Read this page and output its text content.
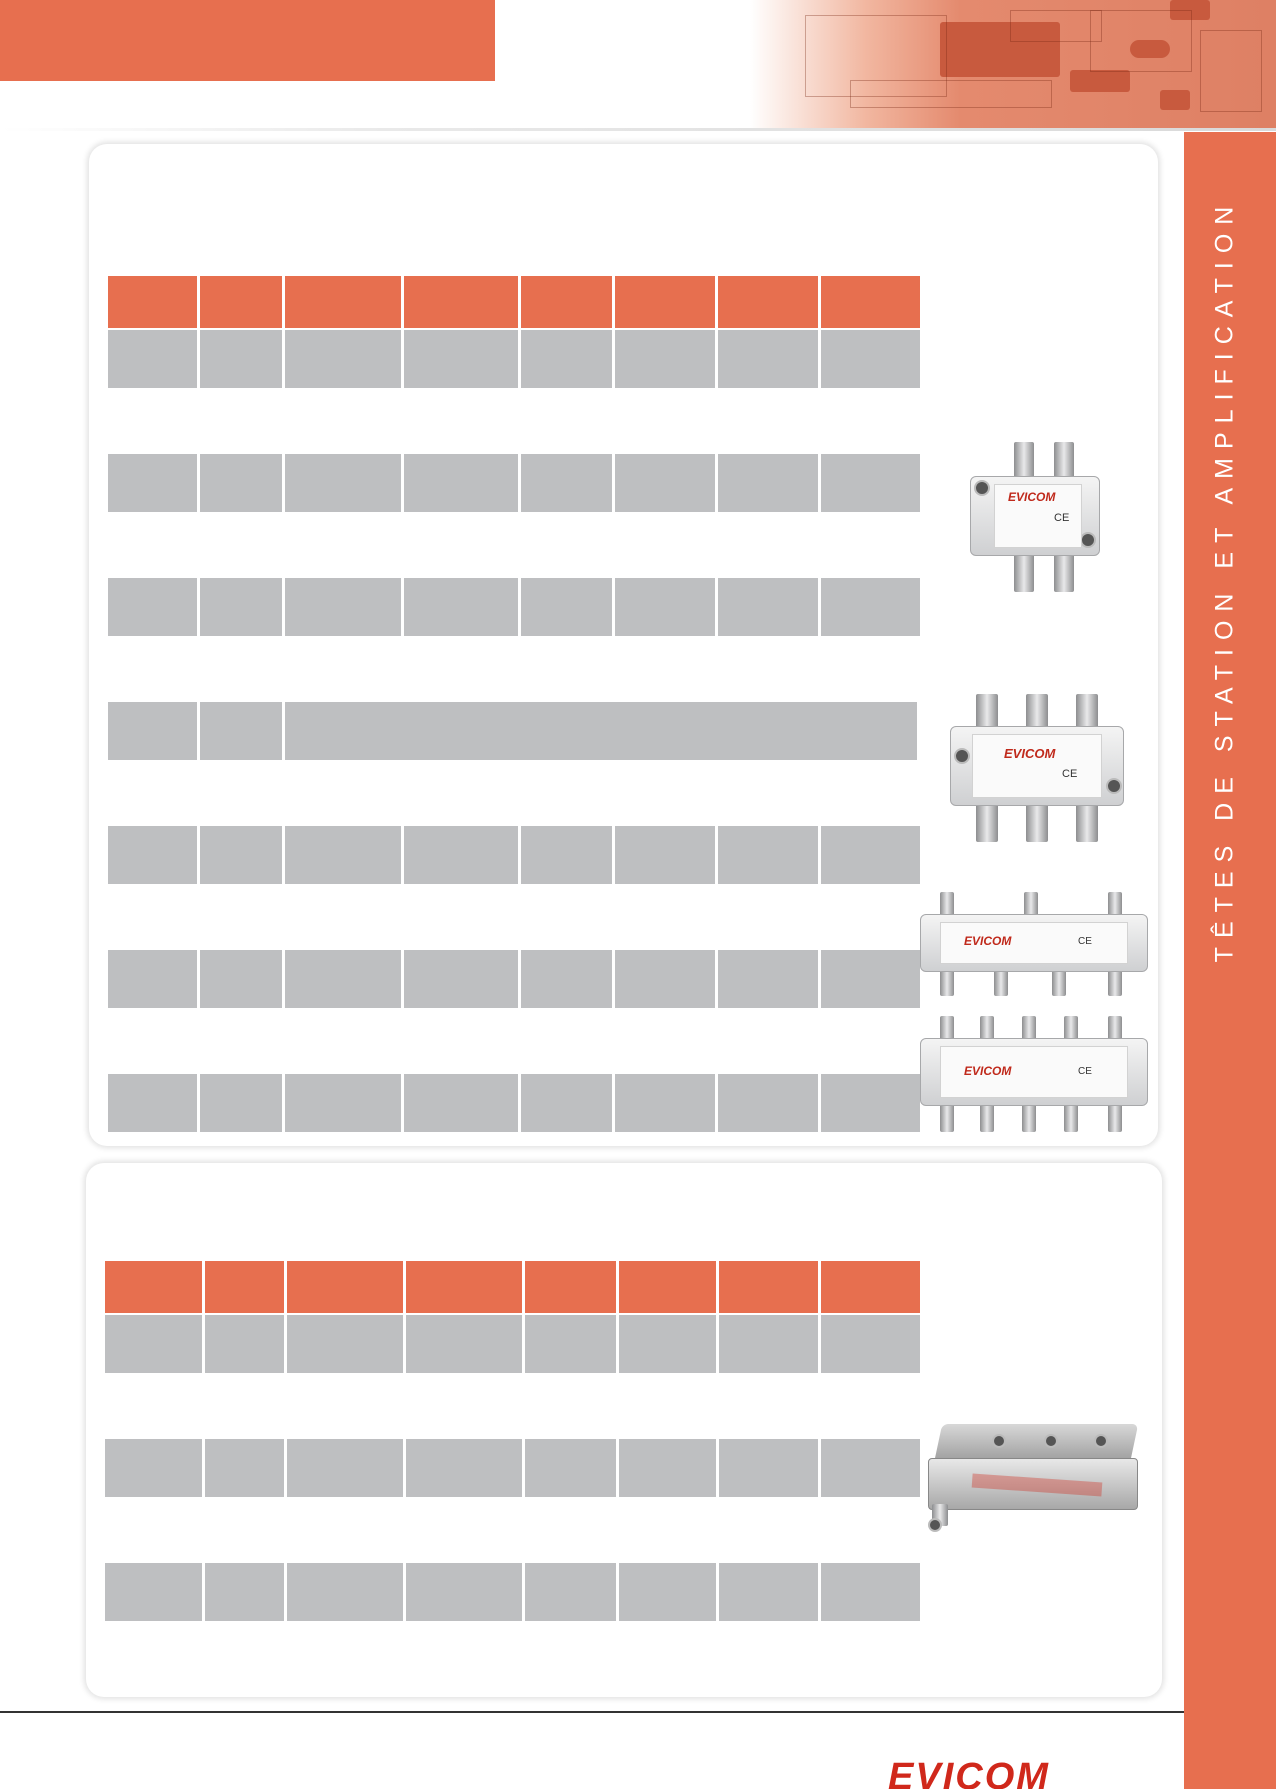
TÊTES DE STATION ET AMPLIFICATION
EVICOM
CE
EVICOM
CE
EVICOM	CE
EVICOM	CE
EVICOM
